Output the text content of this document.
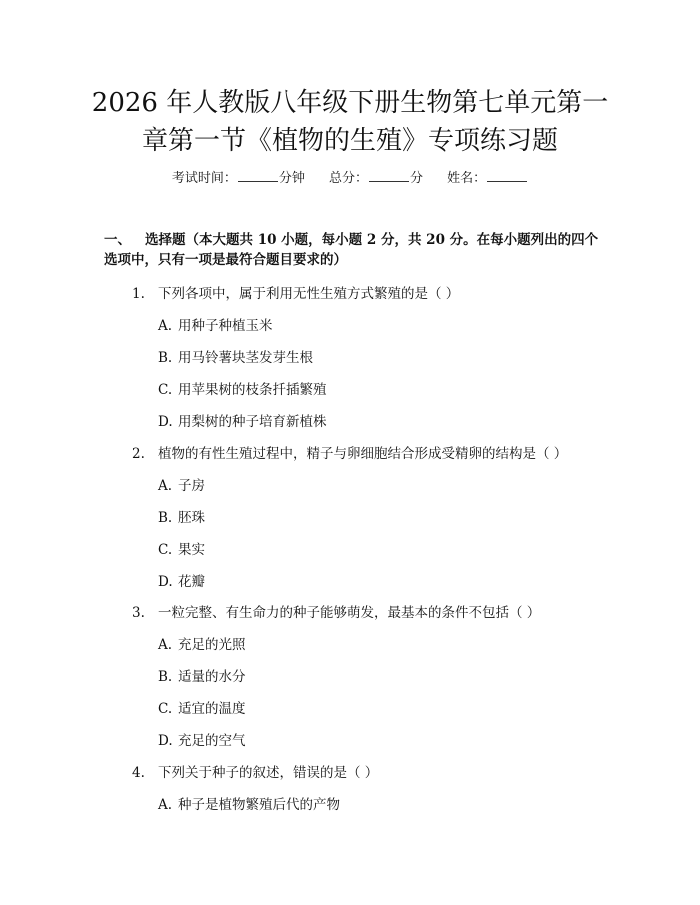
2026 年人教版八年级下册生物第七单元第一
章第一节《植物的生殖》专项练习题
考试时间：	分钟 总分：	分 姓名：
一、 选择题（本大题共 10 小题，每小题 2 分，共 20 分。在每小题列出的四个选项中，只有一项是最符合题目要求的）
1. 下列各项中，属于利用无性生殖方式繁殖的是（ ）
A. 用种子种植玉米
B. 用马铃薯块茎发芽生根
C. 用苹果树的枝条扦插繁殖
D. 用梨树的种子培育新植株
2. 植物的有性生殖过程中，精子与卵细胞结合形成受精卵的结构是（ ）
A. 子房
B. 胚珠
C. 果实
D. 花瓣
3. 一粒完整、有生命力的种子能够萌发，最基本的条件不包括（ ）
A. 充足的光照
B. 适量的水分
C. 适宜的温度
D. 充足的空气
4. 下列关于种子的叙述，错误的是（ ）
A. 种子是植物繁殖后代的产物
